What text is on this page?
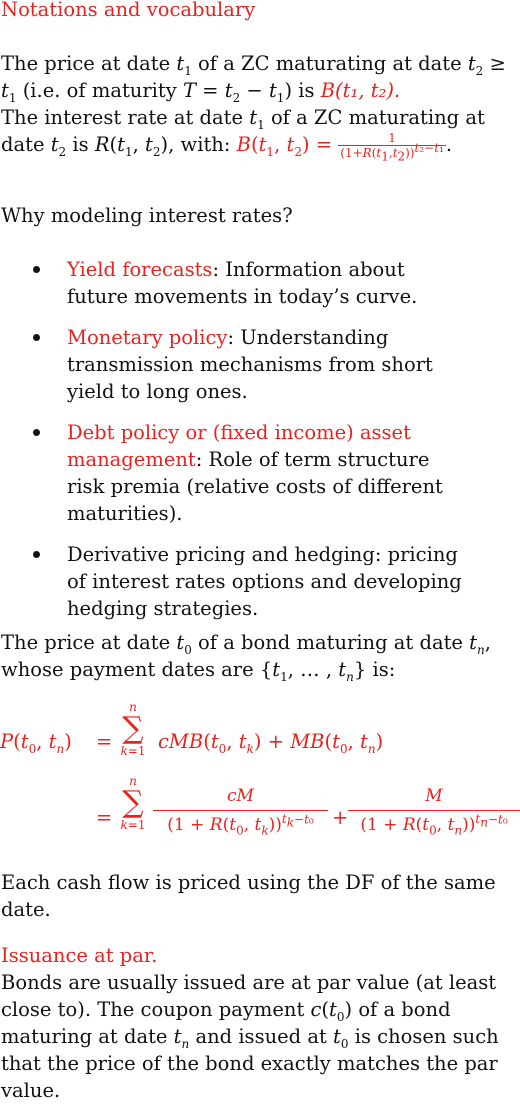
Notations and vocabulary
The price at date $t_1$ of a ZC maturating at date $t_2 \ge t_1$ (i.e. of maturity $T = t_2 - t_1$) is B(t₁, t₂).
The interest rate at date $t_1$ of a ZC maturating at
date $t_2$ is $R(t_1$, $t_2$), with: $B(t_1$, $t_2) = \frac{1}{(1+R(t_1,t_2))^{t_2-t_1}}$ .
Why modeling interest rates?
Yield forecasts: Information about future movements in today’s curve.
Monetary policy: Understanding transmission mechanisms from short yield to long ones.
Debt policy or (fixed income) asset management: Role of term structure risk premia (relative costs of different maturities).
Derivative pricing and hedging: pricing of interest rates options and developing hedging strategies.
The price at date $t_0$ of a bond maturing at date $t_n$,
whose payment dates are {$t_1$, … , $t_n$} is:
$P(t_0$, $t_n$) =
n
∑
k=1 $cMB(t_0$, $t_k) + MB(t_0$, $t_n$)
=
n
∑
k=1
cM
($1 + R(t_0$, $t_k))^{t_k-t_0}$ +
M
($1 + R(t_0$, $t_n))^{t_n-t_0}$
Each cash flow is priced using the DF of the same date.
Issuance at par.
Bonds are usually issued are at par value (at least close to). The coupon payment $c(t_0)$ of a bond maturing at date $t_n$ and issued at $t_0$ is chosen such that the price of the bond exactly matches the par value.
